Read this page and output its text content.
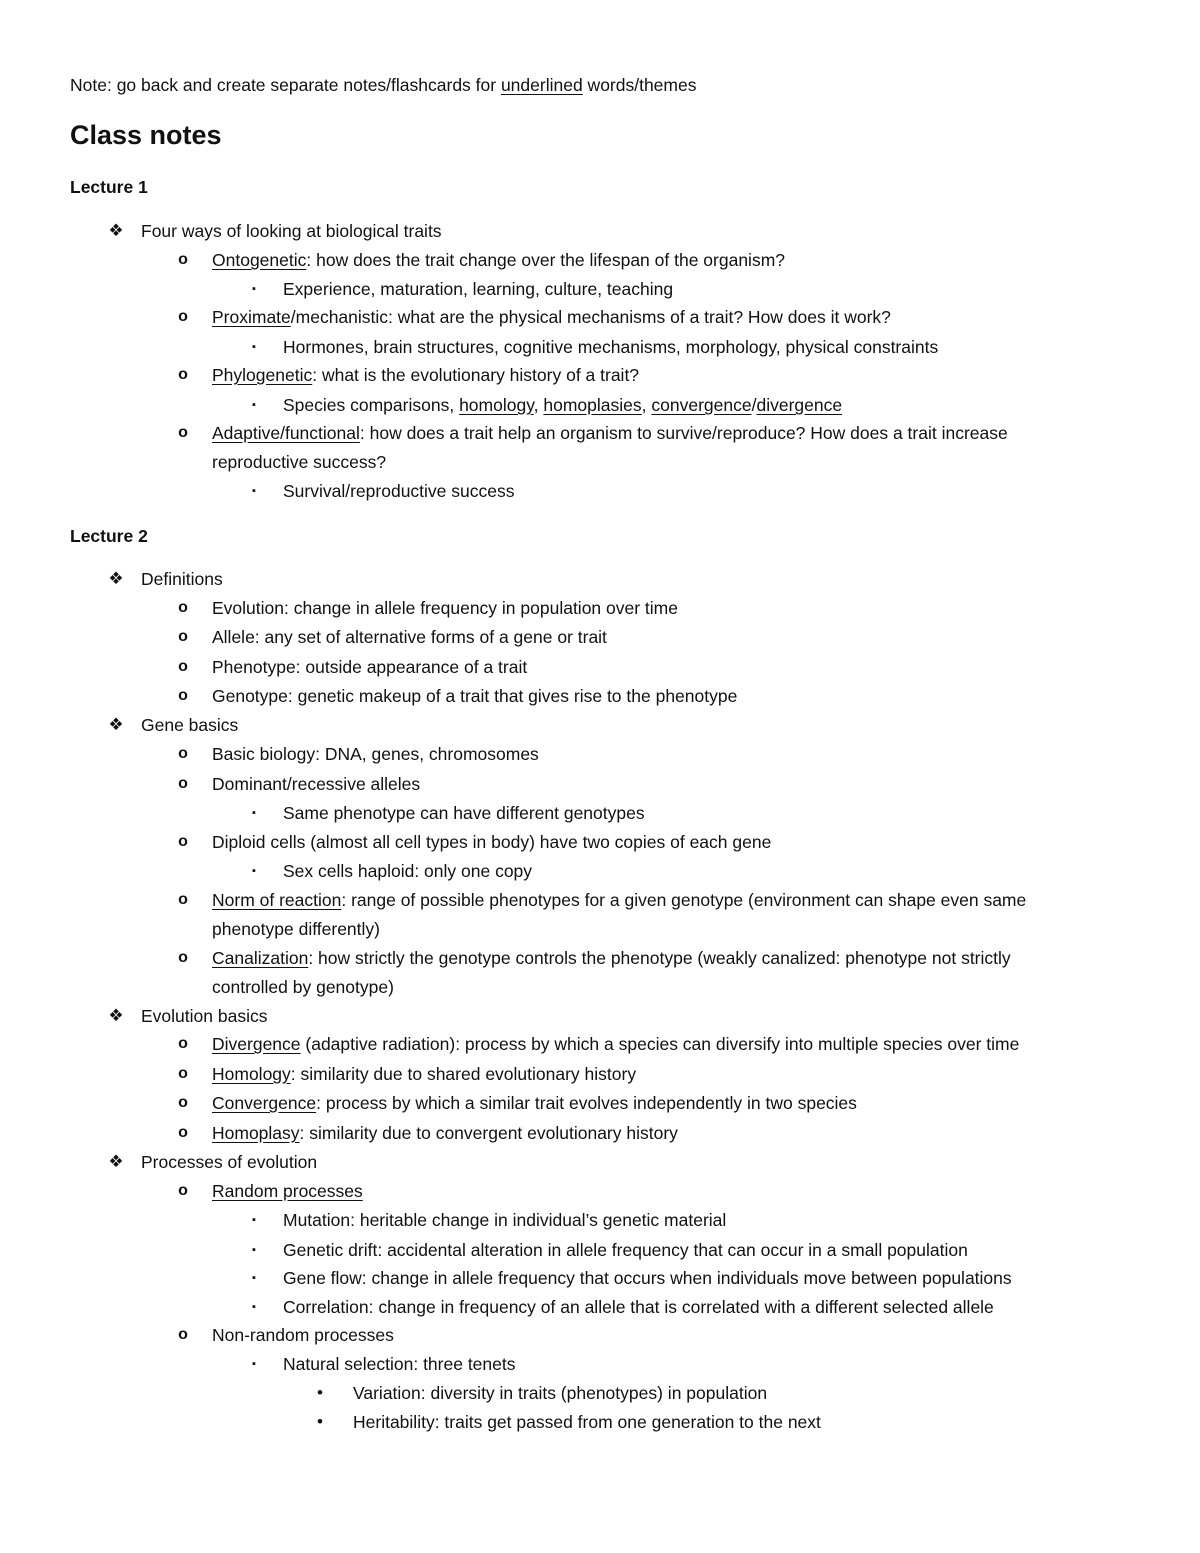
Note: go back and create separate notes/flashcards for underlined words/themes
Class notes
Lecture 1
❖ Four ways of looking at biological traits
o Ontogenetic: how does the trait change over the lifespan of the organism?
▪	Experience, maturation, learning, culture, teaching
o Proximate/mechanistic: what are the physical mechanisms of a trait? How does it work?
▪	Hormones, brain structures, cognitive mechanisms, morphology, physical constraints
o Phylogenetic: what is the evolutionary history of a trait?
▪	Species comparisons, homology, homoplasies, convergence/divergence
o Adaptive/functional: how does a trait help an organism to survive/reproduce? How does a trait increase
reproductive success?
▪	Survival/reproductive success
Lecture 2
❖ Definitions
o Evolution: change in allele frequency in population over time
o Allele: any set of alternative forms of a gene or trait
o Phenotype: outside appearance of a trait
o Genotype: genetic makeup of a trait that gives rise to the phenotype
❖ Gene basics
o Basic biology: DNA, genes, chromosomes
o Dominant/recessive alleles
▪	Same phenotype can have different genotypes
o Diploid cells (almost all cell types in body) have two copies of each gene
▪	Sex cells haploid: only one copy
o Norm of reaction: range of possible phenotypes for a given genotype (environment can shape even same
phenotype differently)
o Canalization: how strictly the genotype controls the phenotype (weakly canalized: phenotype not strictly
controlled by genotype)
❖ Evolution basics
o Divergence (adaptive radiation): process by which a species can diversify into multiple species over time
o Homology: similarity due to shared evolutionary history
o Convergence: process by which a similar trait evolves independently in two species
o Homoplasy: similarity due to convergent evolutionary history
❖ Processes of evolution
o Random processes
▪	Mutation: heritable change in individual’s genetic material
▪	Genetic drift: accidental alteration in allele frequency that can occur in a small population
▪	Gene flow: change in allele frequency that occurs when individuals move between populations
▪	Correlation: change in frequency of an allele that is correlated with a different selected allele
o Non-random processes
▪	Natural selection: three tenets
•	Variation: diversity in traits (phenotypes) in population
•	Heritability: traits get passed from one generation to the next
